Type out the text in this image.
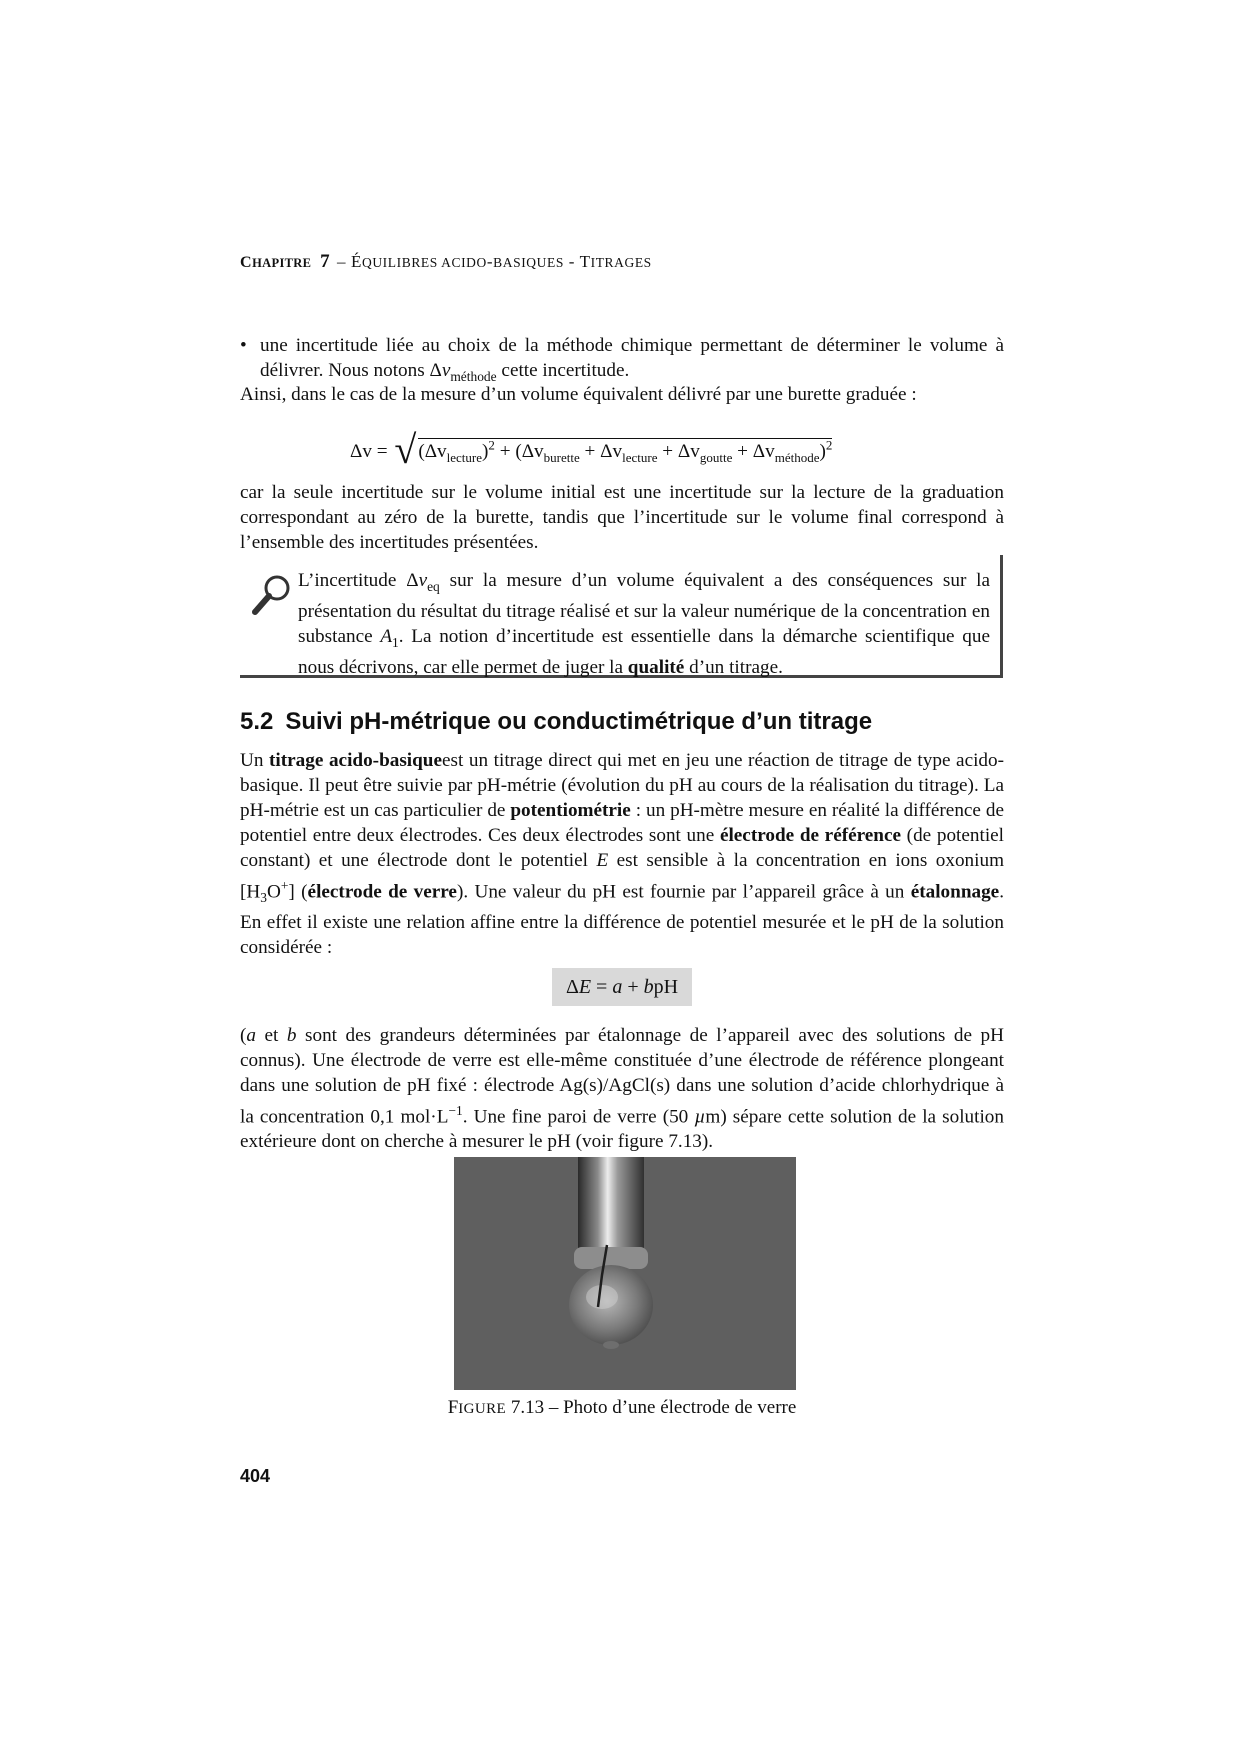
CHAPITRE 7 – ÉQUILIBRES ACIDO-BASIQUES - TITRAGES
• une incertitude liée au choix de la méthode chimique permettant de déterminer le volume à délivrer. Nous notons $\Delta v_{méthode}$ cette incertitude.
Ainsi, dans le cas de la mesure d’un volume équivalent délivré par une burette graduée :
Δv = √ $(\Delta v_{lecture})^2 + (\Delta v_{burette} + \Delta v_{lecture} + \Delta v_{goutte} + \Delta v_{méthode})^2$
car la seule incertitude sur le volume initial est une incertitude sur la lecture de la graduation correspondant au zéro de la burette, tandis que l’incertitude sur le volume final correspond à l’ensemble des incertitudes présentées.
L’incertitude $\Delta v_{eq}$ sur la mesure d’un volume équivalent a des conséquences sur la présentation du résultat du titrage réalisé et sur la valeur numérique de la concentration en substance $A_1$. La notion d’incertitude est essentielle dans la démarche scientifique que nous décrivons, car elle permet de juger la qualité d’un titrage.
5.2 Suivi pH-métrique ou conductimétrique d’un titrage
Un titrage acido-basiqueest un titrage direct qui met en jeu une réaction de titrage de type acido-basique. Il peut être suivie par pH-métrie (évolution du pH au cours de la réalisation du titrage). La pH-métrie est un cas particulier de potentiométrie : un pH-mètre mesure en réalité la différence de potentiel entre deux électrodes. Ces deux électrodes sont une électrode de référence (de potentiel constant) et une électrode dont le potentiel E est sensible à la concentration en ions oxonium $[H_3O^+]$ (électrode de verre). Une valeur du pH est fournie par l’appareil grâce à un étalonnage. En effet il existe une relation affine entre la différence de potentiel mesurée et le pH de la solution considérée :
ΔE = a + bpH
(a et b sont des grandeurs déterminées par étalonnage de l’appareil avec des solutions de pH connus). Une électrode de verre est elle-même constituée d’une électrode de référence plongeant dans une solution de pH fixé : électrode Ag(s)/AgCl(s) dans une solution d’acide chlorhydrique à la concentration 0,1 $mol\cdot L^{-1}$. Une fine paroi de verre (50 µm) sépare cette solution de la solution extérieure dont on cherche à mesurer le pH (voir figure 7.13).
FIGURE 7.13 – Photo d’une électrode de verre
404
